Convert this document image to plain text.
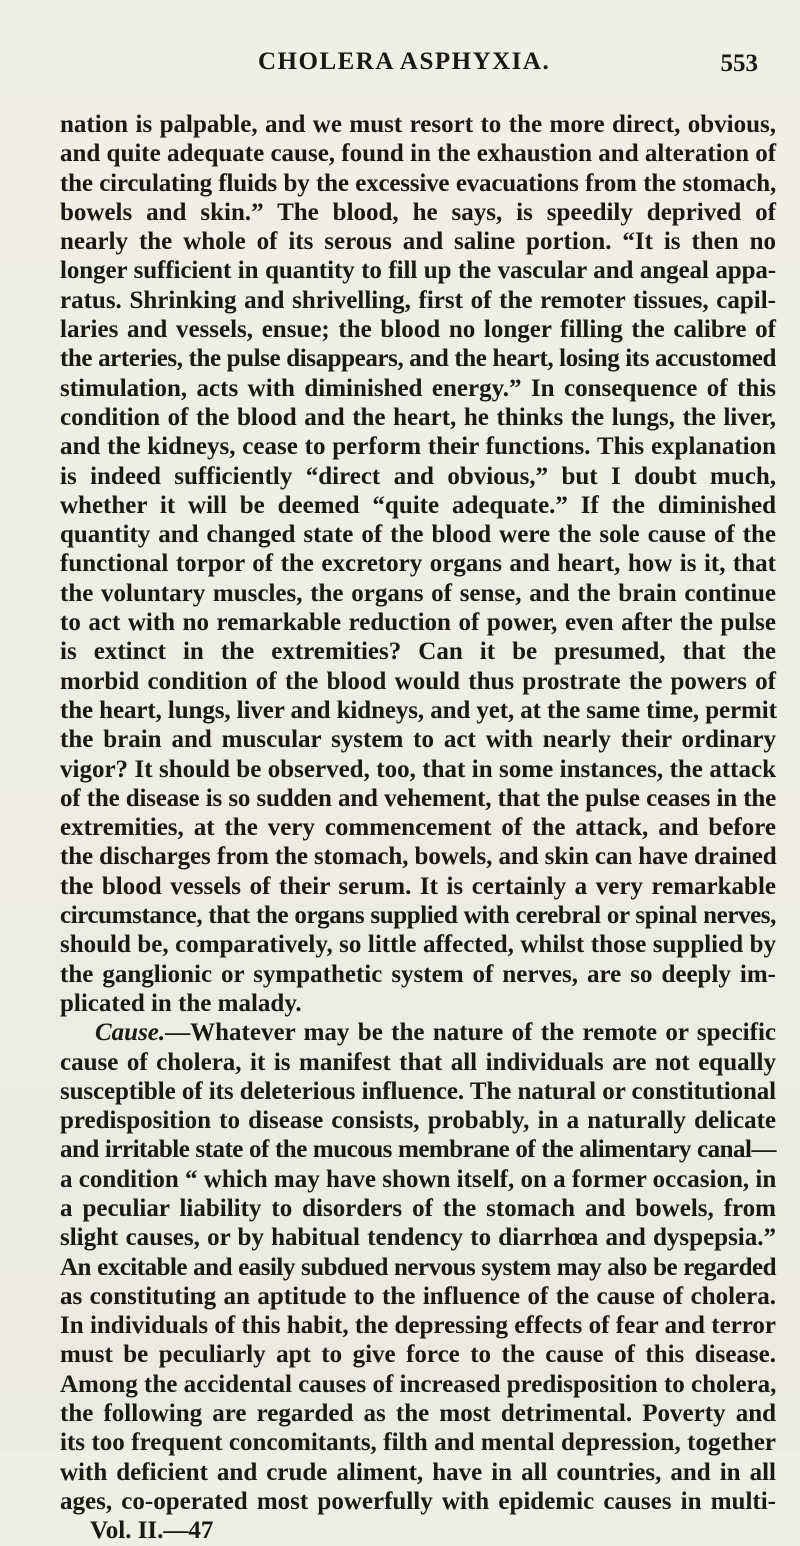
CHOLERA ASPHYXIA.	553
nation is palpable, and we must resort to the more direct, obvious,
and quite adequate cause, found in the exhaustion and alteration of
the circulating fluids by the excessive evacuations from the stomach,
bowels and skin.” The blood, he says, is speedily deprived of
nearly the whole of its serous and saline portion. “It is then no
longer sufficient in quantity to fill up the vascular and angeal appa-
ratus. Shrinking and shrivelling, first of the remoter tissues, capil-
laries and vessels, ensue; the blood no longer filling the calibre of
the arteries, the pulse disappears, and the heart, losing its accustomed
stimulation, acts with diminished energy.” In consequence of this
condition of the blood and the heart, he thinks the lungs, the liver,
and the kidneys, cease to perform their functions. This explanation
is indeed sufficiently “direct and obvious,” but I doubt much,
whether it will be deemed “quite adequate.” If the diminished
quantity and changed state of the blood were the sole cause of the
functional torpor of the excretory organs and heart, how is it, that
the voluntary muscles, the organs of sense, and the brain continue
to act with no remarkable reduction of power, even after the pulse
is extinct in the extremities? Can it be presumed, that the
morbid condition of the blood would thus prostrate the powers of
the heart, lungs, liver and kidneys, and yet, at the same time, permit
the brain and muscular system to act with nearly their ordinary
vigor? It should be observed, too, that in some instances, the attack
of the disease is so sudden and vehement, that the pulse ceases in the
extremities, at the very commencement of the attack, and before
the discharges from the stomach, bowels, and skin can have drained
the blood vessels of their serum. It is certainly a very remarkable
circumstance, that the organs supplied with cerebral or spinal nerves,
should be, comparatively, so little affected, whilst those supplied by
the ganglionic or sympathetic system of nerves, are so deeply im-
plicated in the malady.
Cause.—Whatever may be the nature of the remote or specific
cause of cholera, it is manifest that all individuals are not equally
susceptible of its deleterious influence. The natural or constitutional
predisposition to disease consists, probably, in a naturally delicate
and irritable state of the mucous membrane of the alimentary canal—
a condition “ which may have shown itself, on a former occasion, in
a peculiar liability to disorders of the stomach and bowels, from
slight causes, or by habitual tendency to diarrhœa and dyspepsia.”
An excitable and easily subdued nervous system may also be regarded
as constituting an aptitude to the influence of the cause of cholera.
In individuals of this habit, the depressing effects of fear and terror
must be peculiarly apt to give force to the cause of this disease.
Among the accidental causes of increased predisposition to cholera,
the following are regarded as the most detrimental. Poverty and
its too frequent concomitants, filth and mental depression, together
with deficient and crude aliment, have in all countries, and in all
ages, co-operated most powerfully with epidemic causes in multi-
Vol. II.—47
